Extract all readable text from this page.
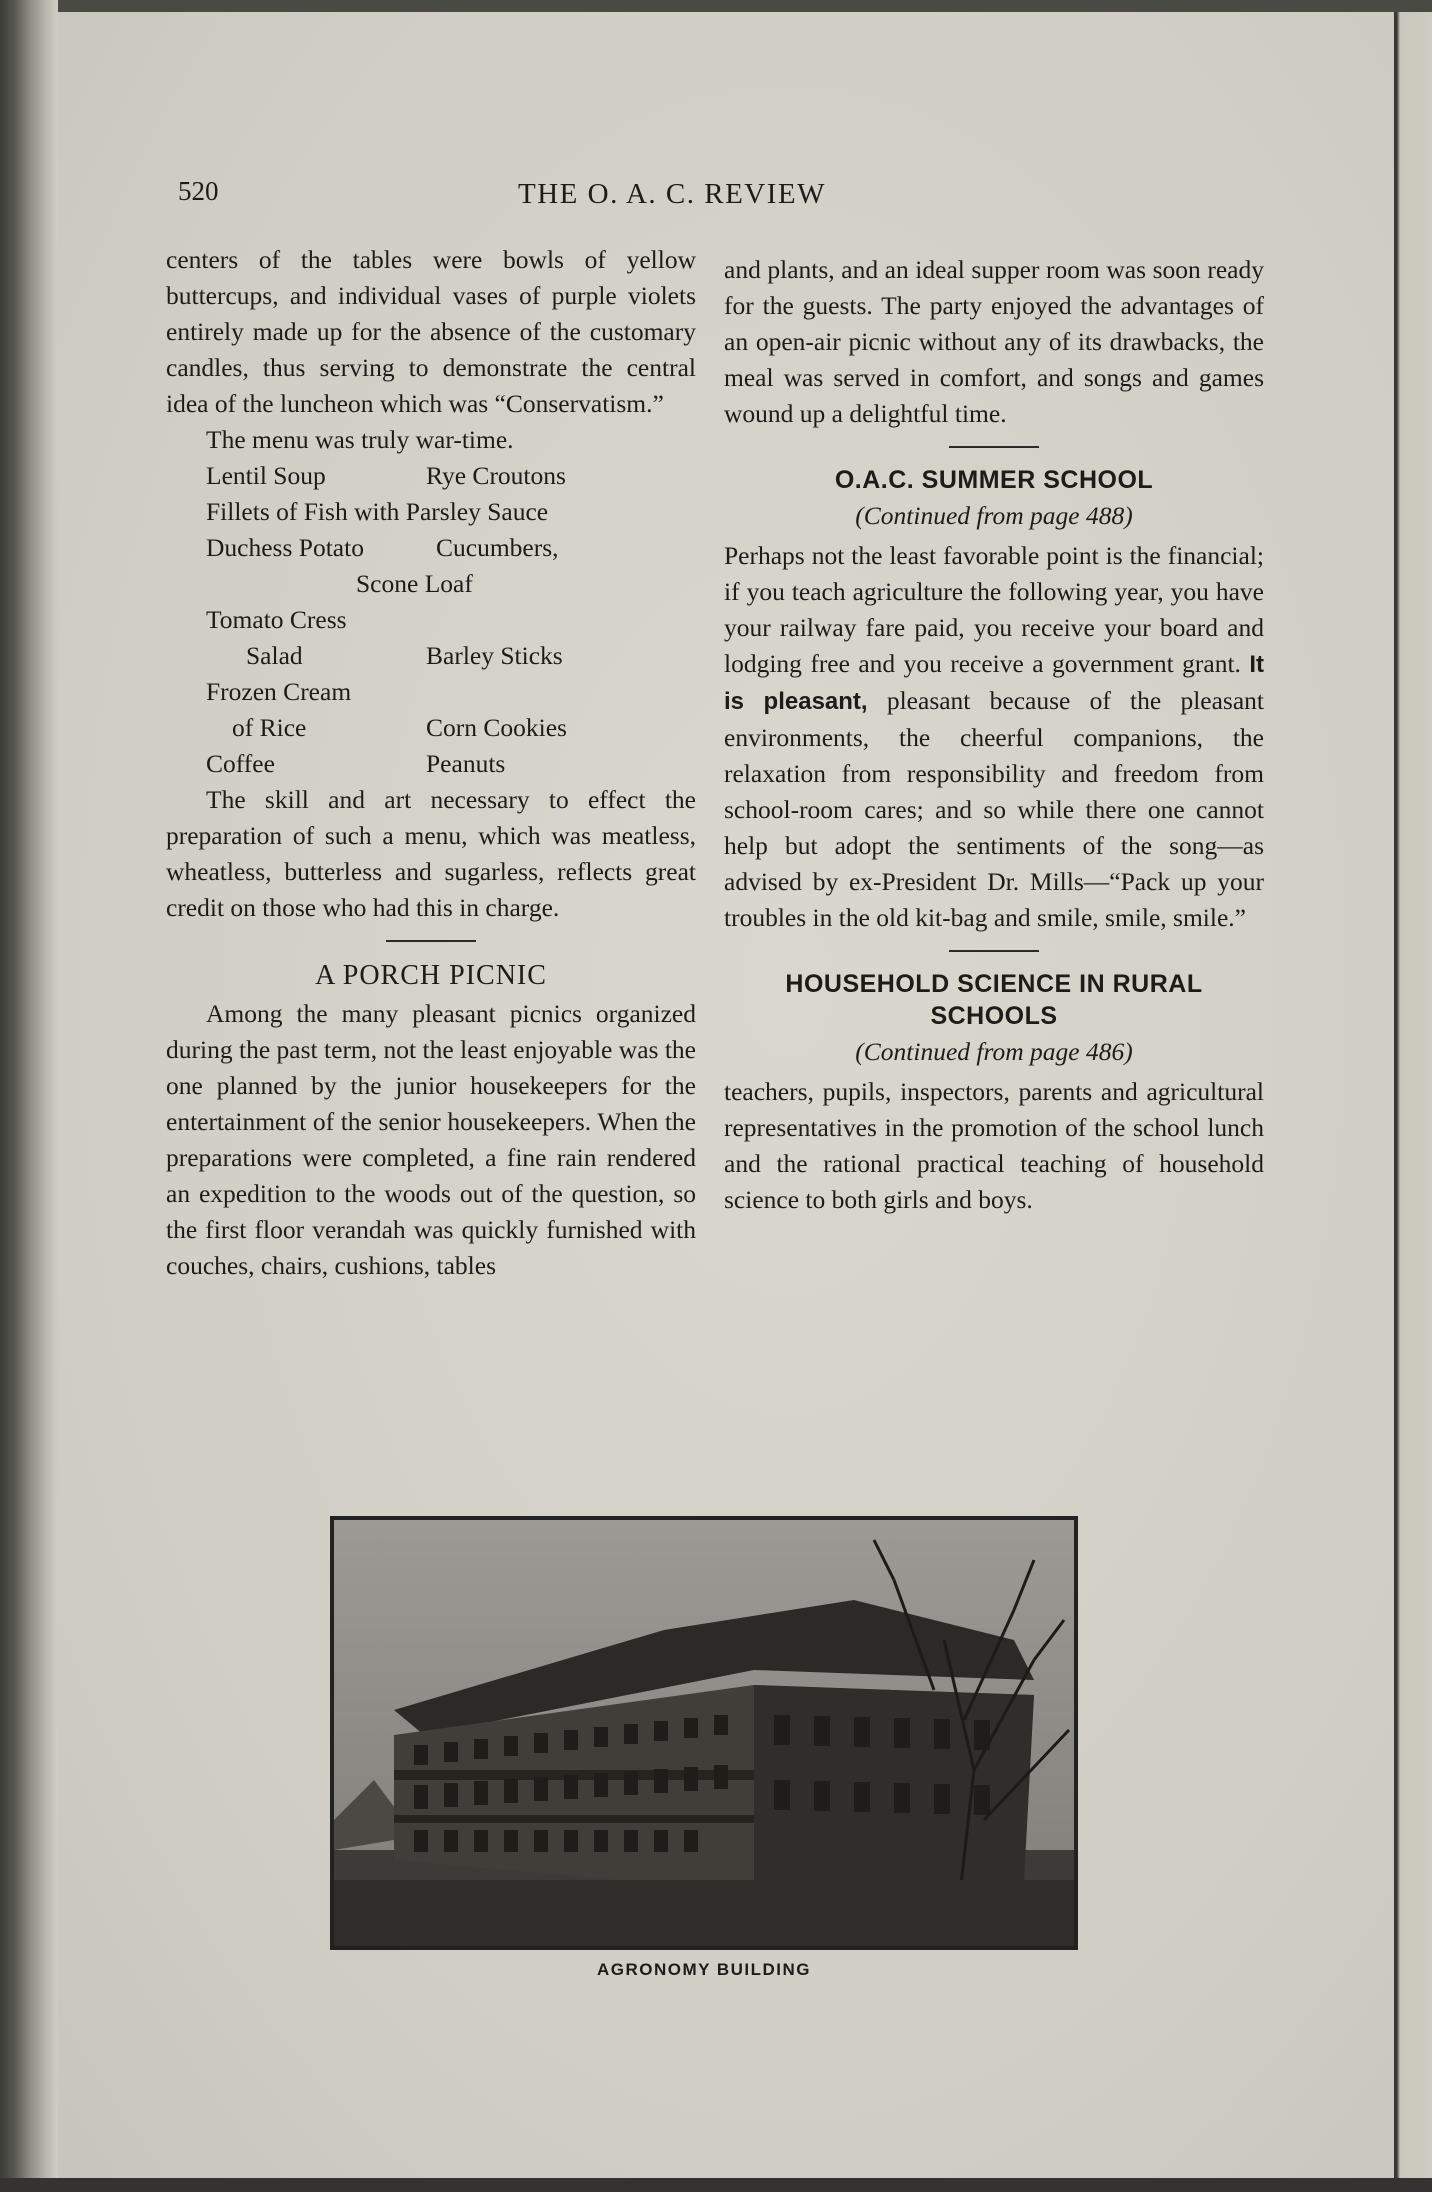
520	THE O. A. C. REVIEW

centers of the tables were bowls of yellow buttercups, and individual vases of purple violets entirely made up for the absence of the customary candles, thus serving to demonstrate the central idea of the luncheon which was “Conservatism.”

The menu was truly war-time.

Lentil Soup	Rye Croutons
Fillets of Fish with Parsley Sauce
Duchess Potato	Cucumbers,
Scone Loaf
Tomato Cress
Salad	Barley Sticks
Frozen Cream
of Rice	Corn Cookies
Coffee	Peanuts

The skill and art necessary to effect the preparation of such a menu, which was meatless, wheatless, butterless and sugarless, reflects great credit on those who had this in charge.

A PORCH PICNIC

Among the many pleasant picnics organized during the past term, not the least enjoyable was the one planned by the junior housekeepers for the entertainment of the senior housekeepers. When the preparations were completed, a fine rain rendered an expedition to the woods out of the question, so the first floor verandah was quickly furnished with couches, chairs, cushions, tables

and plants, and an ideal supper room was soon ready for the guests. The party enjoyed the advantages of an open-air picnic without any of its drawbacks, the meal was served in comfort, and songs and games wound up a delightful time.

O.A.C. SUMMER SCHOOL
(Continued from page 488)

Perhaps not the least favorable point is the financial; if you teach agriculture the following year, you have your railway fare paid, you receive your board and lodging free and you receive a government grant. It is pleasant, pleasant because of the pleasant environments, the cheerful companions, the relaxation from responsibility and freedom from school-room cares; and so while there one cannot help but adopt the sentiments of the song—as advised by ex-President Dr. Mills—“Pack up your troubles in the old kit-bag and smile, smile, smile.”

HOUSEHOLD SCIENCE IN RURAL SCHOOLS
(Continued from page 486)

teachers, pupils, inspectors, parents and agricultural representatives in the promotion of the school lunch and the rational practical teaching of household science to both girls and boys.

AGRONOMY BUILDING
